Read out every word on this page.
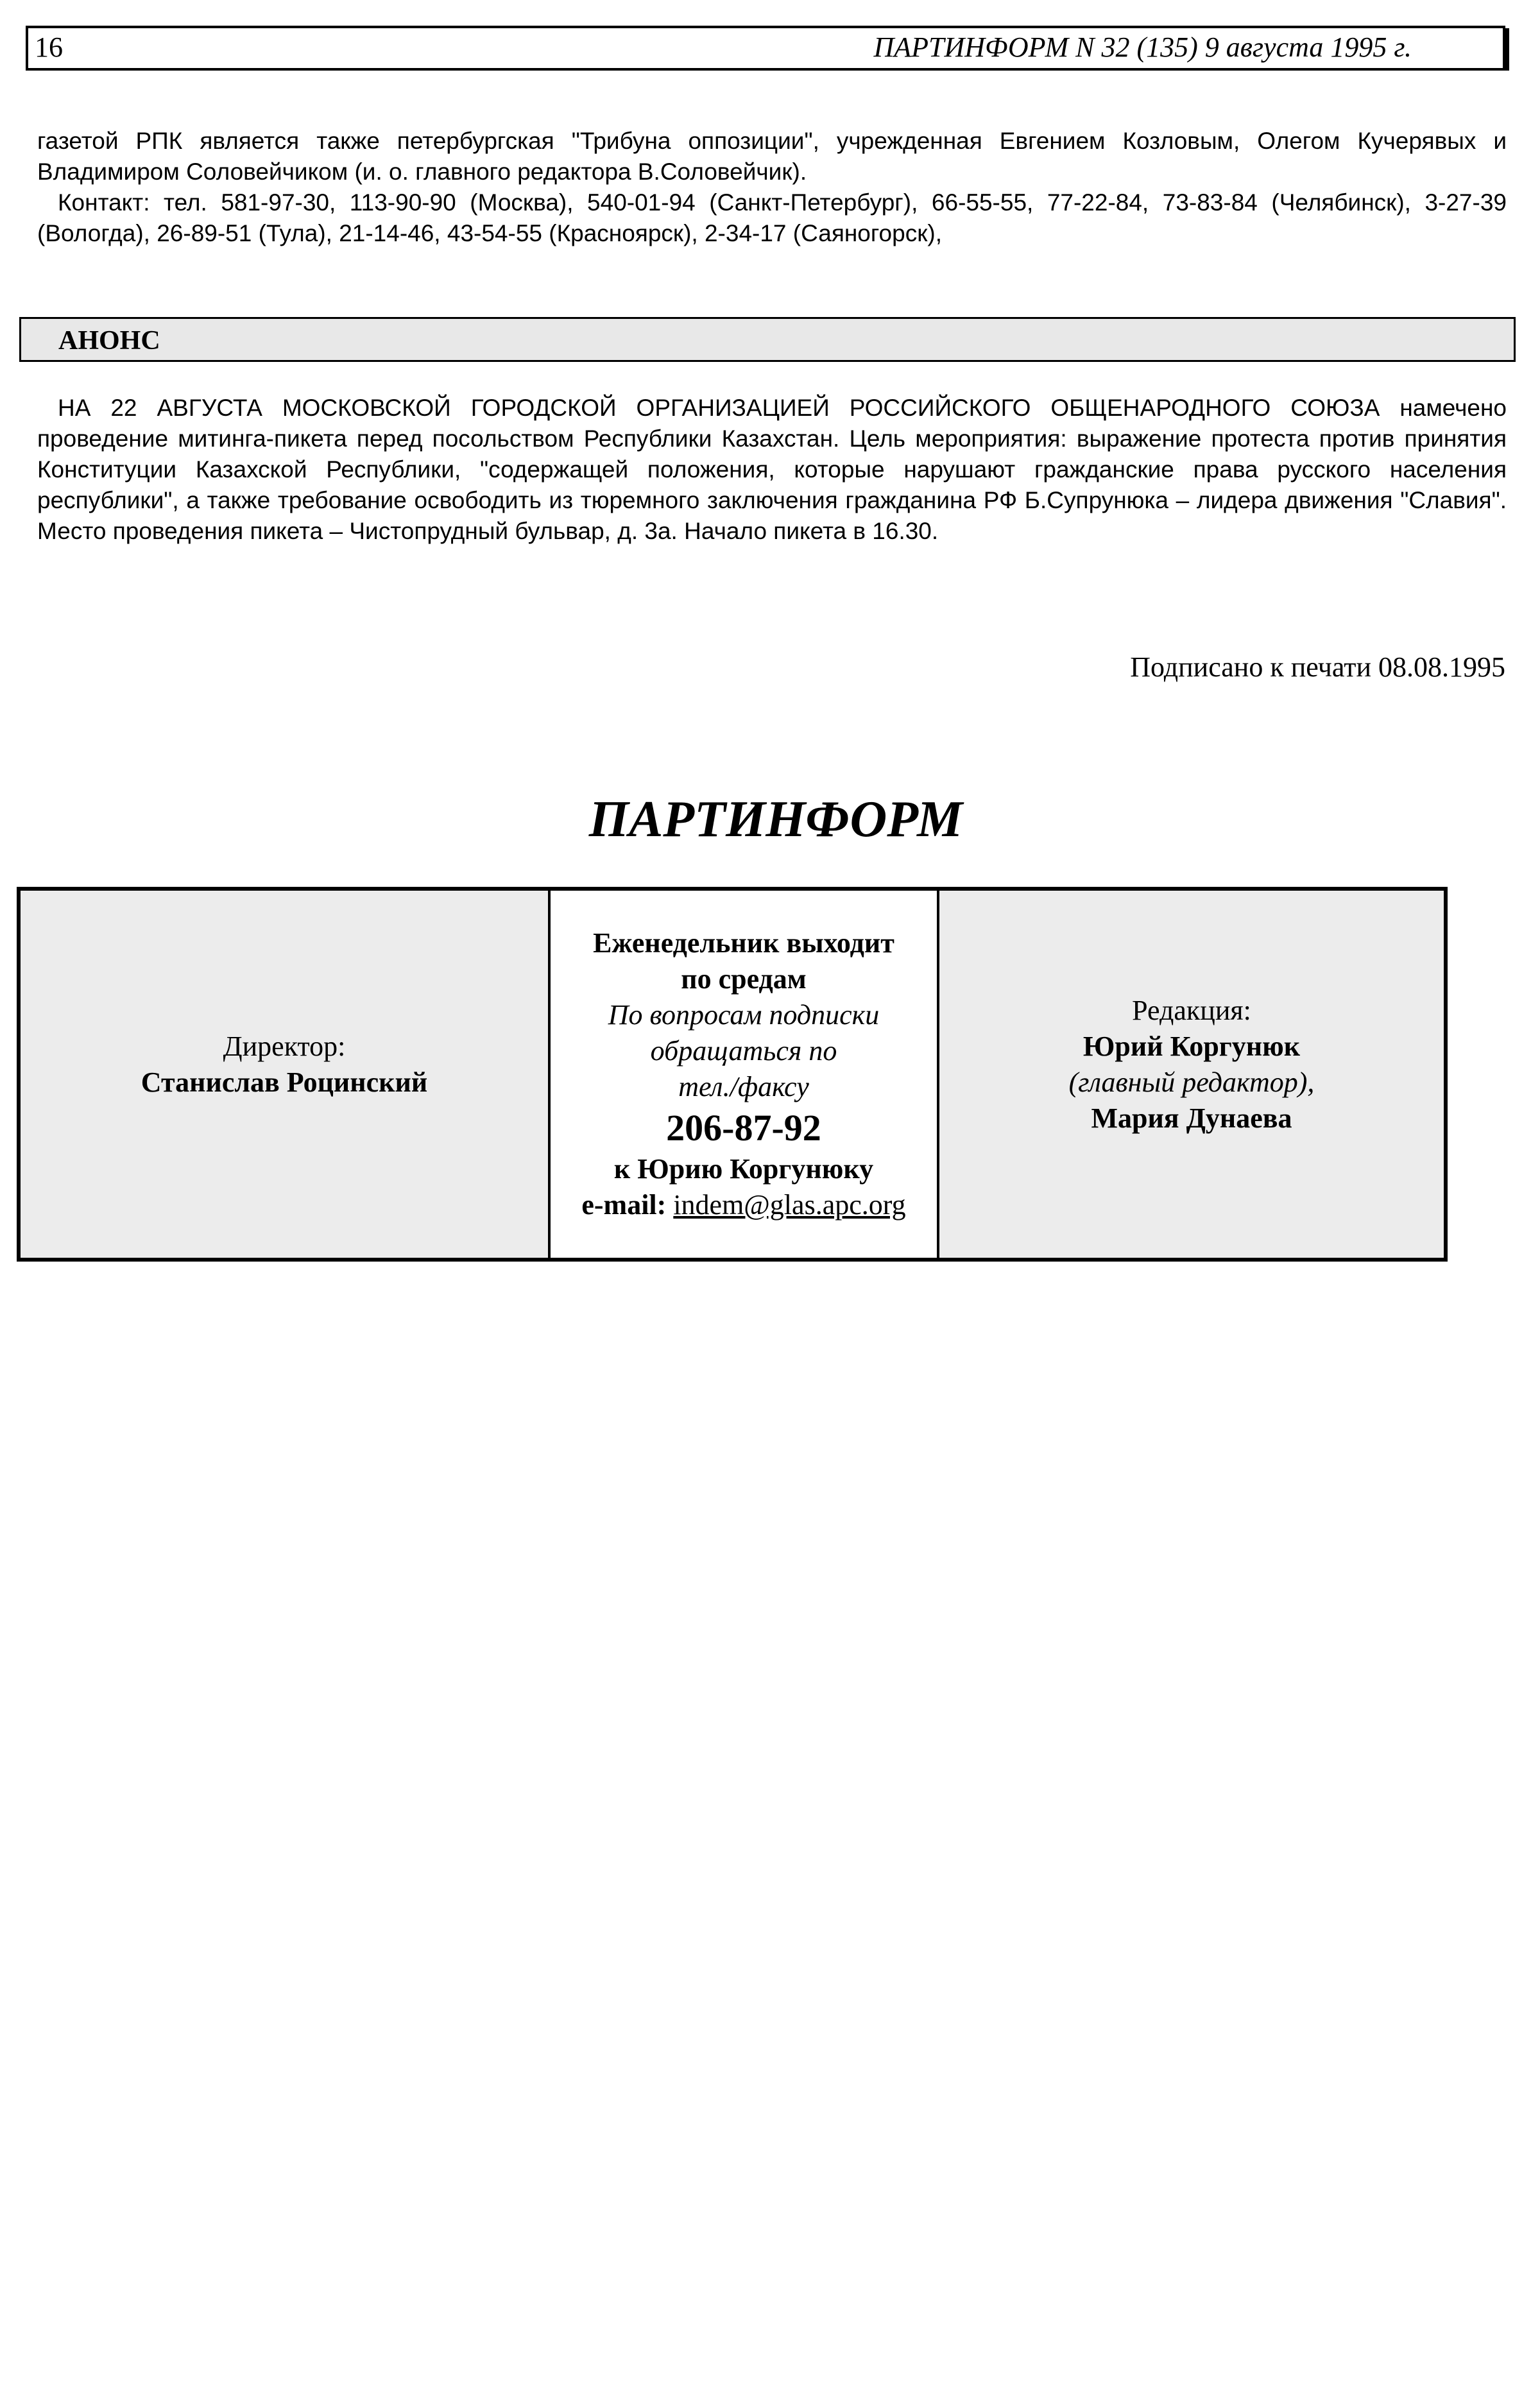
16	ПАРТИНФОРМ N 32 (135) 9 августа 1995 г.

газетой РПК является также петербургская "Трибуна оппозиции", учрежденная Евгением Козловым, Олегом Кучерявых и Владимиром Соловейчиком (и. о. главного редактора В.Соловейчик).

Контакт: тел. 581-97-30, 113-90-90 (Москва), 540-01-94 (Санкт-Петербург), 66-55-55, 77-22-84, 73-83-84 (Челябинск), 3-27-39 (Вологда), 26-89-51 (Тула), 21-14-46, 43-54-55 (Красноярск), 2-34-17 (Саяногорск),

АНОНС

НА 22 АВГУСТА МОСКОВСКОЙ ГОРОДСКОЙ ОРГАНИЗАЦИЕЙ РОССИЙСКОГО ОБЩЕНАРОДНОГО СОЮЗА намечено проведение митинга-пикета перед посольством Республики Казахстан. Цель мероприятия: выражение протеста против принятия Конституции Казахской Республики, "содержащей положения, которые нарушают гражданские права русского населения республики", а также требование освободить из тюремного заключения гражданина РФ Б.Супрунюка – лидера движения "Славия". Место проведения пикета – Чистопрудный бульвар, д. 3а. Начало пикета в 16.30.

Подписано к печати 08.08.1995
ПАРТИНФОРМ
Директор:
Станислав Роцинский
Еженедельник выходит
по средам
По вопросам подписки
обращаться по
тел./факсу
206-87-92
к Юрию Коргунюку
e-mail: indem@glas.apc.org
Редакция:
Юрий Коргунюк
(главный редактор),
Мария Дунаева
